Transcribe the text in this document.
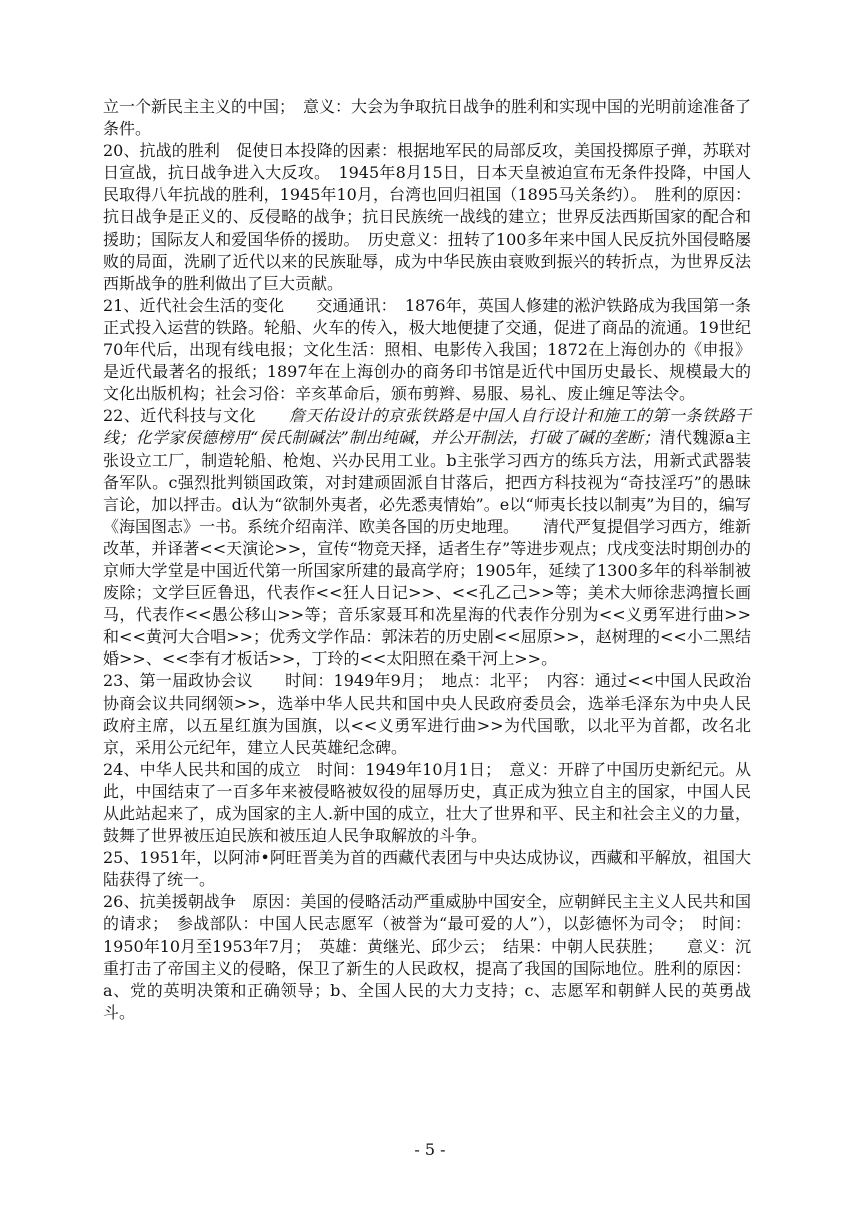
立一个新民主主义的中国；　意义：大会为争取抗日战争的胜利和实现中国的光明前途准备了条件。

20、抗战的胜利　促使日本投降的因素：根据地军民的局部反攻，美国投掷原子弹，苏联对日宣战，抗日战争进入大反攻。　1945年8月15日，日本天皇被迫宣布无条件投降，中国人民取得八年抗战的胜利，1945年10月，台湾也回归祖国（1895马关条约）。　胜利的原因：抗日战争是正义的、反侵略的战争；抗日民族统一战线的建立；世界反法西斯国家的配合和援助；国际友人和爱国华侨的援助。　历史意义：扭转了100多年来中国人民反抗外国侵略屡败的局面，洗刷了近代以来的民族耻辱，成为中华民族由衰败到振兴的转折点，为世界反法西斯战争的胜利做出了巨大贡献。

21、近代社会生活的变化　　交通通讯：　1876年，英国人修建的淞沪铁路成为我国第一条正式投入运营的铁路。轮船、火车的传入，极大地便捷了交通，促进了商品的流通。19世纪70年代后，出现有线电报；文化生活：照相、电影传入我国；1872在上海创办的《申报》是近代最著名的报纸；1897年在上海创办的商务印书馆是近代中国历史最长、规模最大的文化出版机构；社会习俗：辛亥革命后，颁布剪辫、易服、易礼、废止缠足等法令。

22、近代科技与文化　　詹天佑设计的京张铁路是中国人自行设计和施工的第一条铁路干线；化学家侯德榜用“侯氏制碱法”制出纯碱，并公开制法，打破了碱的垄断；清代魏源a主张设立工厂，制造轮船、枪炮、兴办民用工业。b主张学习西方的练兵方法，用新式武器装备军队。c强烈批判锁国政策，对封建顽固派自甘落后，把西方科技视为“奇技淫巧”的愚昧言论，加以抨击。d认为“欲制外夷者，必先悉夷情始”。e以“师夷长技以制夷”为目的，编写《海国图志》一书。系统介绍南洋、欧美各国的历史地理。　　清代严复提倡学习西方，维新改革，并译著<<天演论>>，宣传“物竞天择，适者生存”等进步观点；戊戌变法时期创办的京师大学堂是中国近代第一所国家所建的最高学府；1905年，延续了1300多年的科举制被废除；文学巨匠鲁迅，代表作<<狂人日记>>、<<孔乙己>>等；美术大师徐悲鸿擅长画马，代表作<<愚公移山>>等；音乐家聂耳和冼星海的代表作分别为<<义勇军进行曲>>和<<黄河大合唱>>；优秀文学作品：郭沫若的历史剧<<屈原>>，赵树理的<<小二黑结婚>>、<<李有才板话>>，丁玲的<<太阳照在桑干河上>>。

23、第一届政协会议　　时间：1949年9月；　地点：北平；　内容：通过<<中国人民政治协商会议共同纲领>>，选举中华人民共和国中央人民政府委员会，选举毛泽东为中央人民政府主席，以五星红旗为国旗，以<<义勇军进行曲>>为代国歌，以北平为首都，改名北京，采用公元纪年，建立人民英雄纪念碑。

24、中华人民共和国的成立　时间：1949年10月1日；　意义：开辟了中国历史新纪元。从此，中国结束了一百多年来被侵略被奴役的屈辱历史，真正成为独立自主的国家，中国人民从此站起来了，成为国家的主人.新中国的成立，壮大了世界和平、民主和社会主义的力量，鼓舞了世界被压迫民族和被压迫人民争取解放的斗争。

25、1951年，以阿沛•阿旺晋美为首的西藏代表团与中央达成协议，西藏和平解放，祖国大陆获得了统一。

26、抗美援朝战争　原因：美国的侵略活动严重威胁中国安全，应朝鲜民主主义人民共和国的请求；　参战部队：中国人民志愿军（被誉为“最可爱的人”），以彭德怀为司令；　时间：1950年10月至1953年7月；　英雄：黄继光、邱少云；　结果：中朝人民获胜；　　意义：沉重打击了帝国主义的侵略，保卫了新生的人民政权，提高了我国的国际地位。胜利的原因：a、党的英明决策和正确领导；b、全国人民的大力支持；c、志愿军和朝鲜人民的英勇战斗。

- 5 -
